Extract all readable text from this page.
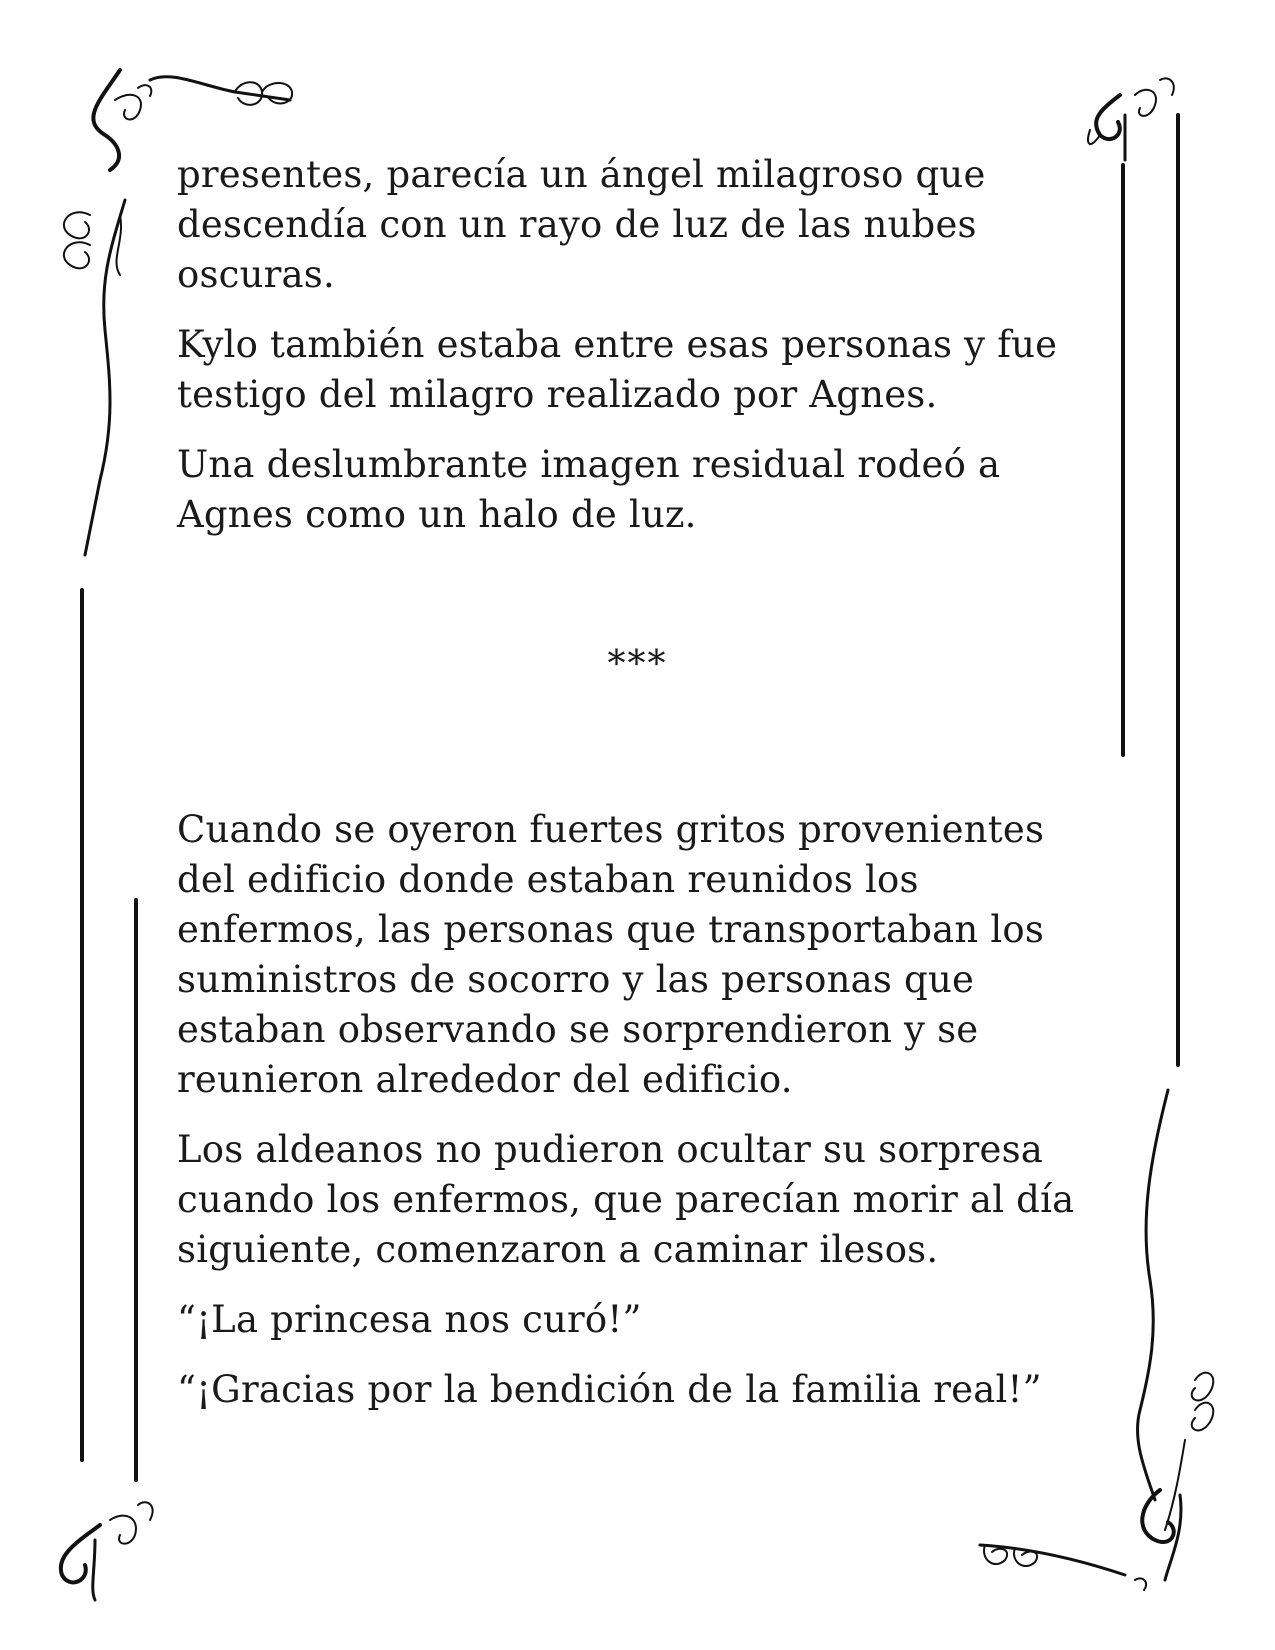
presentes, parecía un ángel milagroso que
descendía con un rayo de luz de las nubes
oscuras.

Kylo también estaba entre esas personas y fue
testigo del milagro realizado por Agnes.

Una deslumbrante imagen residual rodeó a
Agnes como un halo de luz.

***

Cuando se oyeron fuertes gritos provenientes
del edificio donde estaban reunidos los
enfermos, las personas que transportaban los
suministros de socorro y las personas que
estaban observando se sorprendieron y se
reunieron alrededor del edificio.

Los aldeanos no pudieron ocultar su sorpresa
cuando los enfermos, que parecían morir al día
siguiente, comenzaron a caminar ilesos.

“¡La princesa nos curó!”

“¡Gracias por la bendición de la familia real!”
